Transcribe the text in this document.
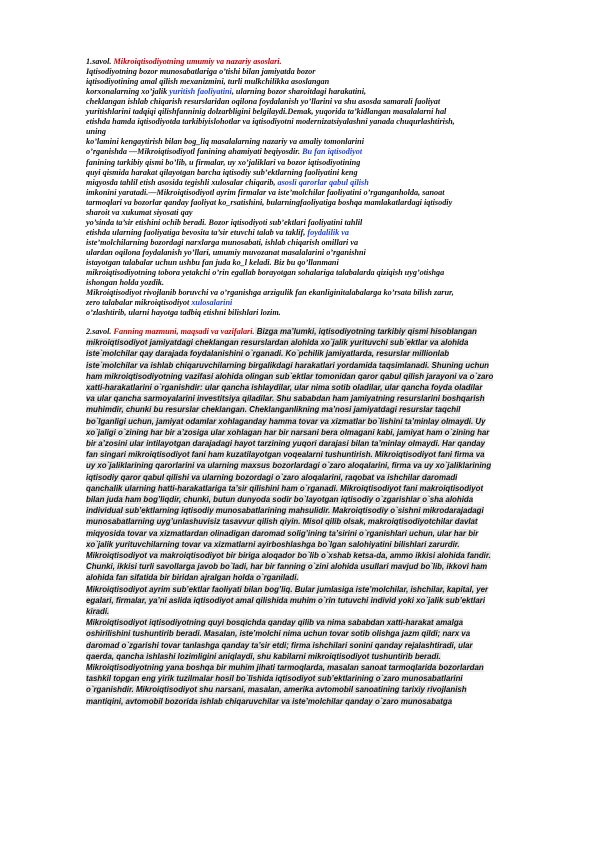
1.savol. Mikroiqtisodiyotning umumiy va nazariy asoslari.

Iqtisodiyotning bozor munosabatlariga o’tishi bilan jamiyatda bozor

iqtisodiyotining amal qilish mexanizmini, turli mulkchilikka asoslangan

korxonalarning xo’jalik yuritish faoliyatini, ularning bozor sharoitdagi harakatini,

cheklangan ishlab chiqarish resurslaridan oqilona foydalanish yo’llarini va shu asosda samarali faoliyat

yuritishlarini tadqiqi qilishfanninig dolzarbligini belgilaydi.Demak, yuqorida ta’kidlangan masalalarni hal

etishda hamda iqtisodiyotda tarkibiyislohotlar va iqtisodiyotni modernizatsiyalashni yanada chuqurlashtirish,

uning

ko’lamini kengaytirish bilan bog_liq masalalarning nazariy va amaliy tomonlarini

o’rganishda —Mikroiqtisodiyotl fanining ahamiyati beqiyosdir. Bu fan iqtisodiyot

fanining tarkibiy qismi bo’lib, u firmalar, uy xo’jaliklari va bozor iqtisodiyotining

quyi qismida harakat qilayotgan barcha iqtisodiy sub’ektlarning faoliyatini keng

miqyosda tahlil etish asosida tegishli xulosalar chiqarib, asosli qarorlar qabul qilish

imkonini yaratadi.—Mikroiqtisodiyotl ayrim firmalar va iste’molchilar faoliyatini o’rganganholda, sanoat

tarmoqlari va bozorlar qanday faoliyat ko_rsatishini, bularningfaoliyatiga boshqa mamlakatlardagi iqtisodiy

sharoit va xukumat siyosati qay

yo’sinda ta’sir etishini ochib beradi. Bozor iqtisodiyoti sub’ektlari faoliyatini tahlil

etishda ularning faoliyatiga bevosita ta’sir etuvchi talab va taklif, foydalilik va

iste’molchilarning bozordagi narxlarga munosabati, ishlab chiqarish omillari va

ulardan oqilona foydalanish yo’llari, umumiy muvozanat masalalarini o’rganishni

istayotgan talabalar uchun ushbu fan juda ko_l keladi. Biz bu qo’llanmani

mikroiqtisodiyotning tobora yetakchi o’rin egallab borayotgan sohalariga talabalarda qiziqish uyg’otishga

ishongan holda yozdik.

Mikroiqtisodiyot rivojlanib boruvchi va o’rganishga arzigulik fan ekanliginitalabalarga ko’rsata bilish zarur,

zero talabalar mikroiqtisodiyot xulosalarini

o’zlashtirib, ularni hayotga tadbiq etishni bilishlari lozim.

2.savol. Fanning mazmuni, maqsadi va vazifalari. Bizga ma’lumki, iqtisodiyotning tarkibiy qismi hisoblangan

mikroiqtisodiyot jamiyatdagi cheklangan resurslardan alohida xo`jalik yurituvchi sub`ektlar va alohida

iste`molchilar qay darajada foydalanishini o`rganadi. Ko`pchilik jamiyatlarda, resurslar millionlab

iste`molchilar va ishlab chiqaruvchilarning birgalikdagi harakatlari yordamida taqsimlanadi. Shuning uchun

ham mikroiqtisodiyotning vazifasi alohida olingan sub`ektlar tomonidan qaror qabul qilish jarayoni va o`zaro

xatti-harakatlarini o`rganishdir: ular qancha ishlaydilar, ular nima sotib oladilar, ular qancha foyda oladilar

va ular qancha sarmoyalarini investitsiya qiladilar. Shu sababdan ham jamiyatning resurslarini boshqarish

muhimdir, chunki bu resurslar cheklangan. Cheklanganlikning ma’nosi jamiyatdagi resurslar taqchil

bo`lganligi uchun, jamiyat odamlar xohlaganday hamma tovar va xizmatlar bo`lishini ta’minlay olmaydi. Uy

xo`jaligi o`zining har bir a’zosiga ular xohlagan har bir narsani bera olmagani kabi, jamiyat ham o`zining har

bir a’zosini ular intilayotgan darajadagi hayot tarzining yuqori darajasi bilan ta’minlay olmaydi. Har qanday

fan singari mikroiqtisodiyot fani ham kuzatilayotgan voqealarni tushuntirish. Mikroiqtisodiyot fani firma va

uy xo`jaliklarining qarorlarini va ularning maxsus bozorlardagi o`zaro aloqalarini, firma va uy xo`jaliklarining

iqtisodiy qaror qabul qilishi va ularning bozordagi o`zaro aloqalarini, raqobat va ishchilar daromadi

qanchalik ularning hatti-harakatlariga ta’sir qilishini ham o`rganadi. Mikroiqtisodiyot fani makroiqtisodiyot

bilan juda ham bog’liqdir, chunki, butun dunyoda sodir bo`layotgan iqtisodiy o`zgarishlar o`sha alohida

individual sub’ektlarning iqtisodiy munosabatlarining mahsulidir. Makroiqtisodiy o`sishni mikrodarajadagi

munosabatlarning uyg’unlashuvisiz tasavvur qilish qiyin. Misol qilib olsak, makroiqtisodiyotchilar davlat

miqyosida tovar va xizmatlardan olinadigan daromad solig’ining ta’sirini o`rganishlari uchun, ular har bir

xo`jalik yurituvchilarning tovar va xizmatlarni ayirboshlashga bo`lgan salohiyatini bilishlari zarurdir.

Mikroiqtisodiyot va makroiqtisodiyot bir biriga aloqador bo`lib o`xshab ketsa-da, ammo ikkisi alohida fandir.

Chunki, ikkisi turli savollarga javob bo`ladi, har bir fanning o`zini alohida usullari mavjud bo`lib, ikkovi ham

alohida fan sifatida bir biridan ajralgan holda o`rganiladi.

Mikroiqtisodiyot ayrim sub’ektlar faoliyati bilan bog’liq. Bular jumlasiga iste’molchilar, ishchilar, kapital, yer

egalari, firmalar, ya’ni aslida iqtisodiyot amal qilishida muhim o`rin tutuvchi individ yoki xo`jalik sub’ektlari

kiradi.

Mikroiqtisodiyot iqtisodiyotning quyi bosqichda qanday qilib va nima sababdan xatti-harakat amalga

oshirilishini tushuntirib beradi. Masalan, iste’molchi nima uchun tovar sotib olishga jazm qildi; narx va

daromad o`zgarishi tovar tanlashga qanday ta’sir etdi; firma ishchilari sonini qanday rejalashtiradi, ular

qaerda, qancha ishlashi lozimligini aniqlaydi, shu kabilarni mikroiqtisodiyot tushuntirib beradi.

Mikroiqtisodiyotning yana boshqa bir muhim jihati tarmoqlarda, masalan sanoat tarmoqlarida bozorlardan

tashkil topgan eng yirik tuzilmalar hosil bo`lishida iqtisodiyot sub’ektlarining o`zaro munosabatlarini

o`rganishdir. Mikroiqtisodiyot shu narsani, masalan, amerika avtomobil sanoatining tarixiy rivojlanish

mantiqini, avtomobil bozorida ishlab chiqaruvchilar va iste’molchilar qanday o`zaro munosabatga
